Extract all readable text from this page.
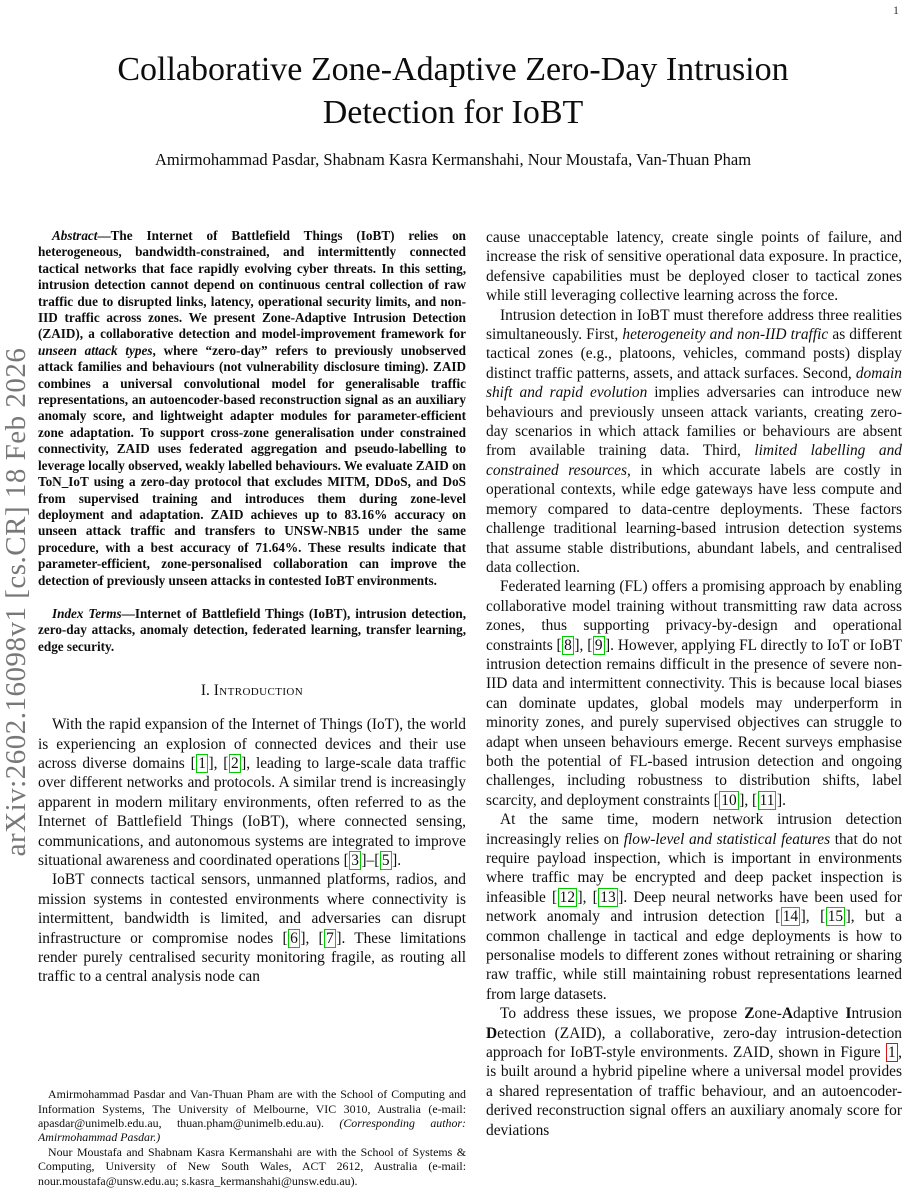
1
arXiv:2602.16098v1 [cs.CR] 18 Feb 2026
Collaborative Zone-Adaptive Zero-Day Intrusion
Detection for IoBT
Amirmohammad Pasdar, Shabnam Kasra Kermanshahi, Nour Moustafa, Van-Thuan Pham

Abstract—The Internet of Battlefield Things (IoBT) relies on heterogeneous, bandwidth-constrained, and intermittently connected tactical networks that face rapidly evolving cyber threats. In this setting, intrusion detection cannot depend on continuous central collection of raw traffic due to disrupted links, latency, operational security limits, and non-IID traffic across zones. We present Zone-Adaptive Intrusion Detection (ZAID), a collaborative detection and model-improvement framework for unseen attack types, where “zero-day” refers to previously unobserved attack families and behaviours (not vulnerability disclosure timing). ZAID combines a universal convolutional model for generalisable traffic representations, an autoencoder-based reconstruction signal as an auxiliary anomaly score, and lightweight adapter modules for parameter-efficient zone adaptation. To support cross-zone generalisation under constrained connectivity, ZAID uses federated aggregation and pseudo-labelling to leverage locally observed, weakly labelled behaviours. We evaluate ZAID on ToN_IoT using a zero-day protocol that excludes MITM, DDoS, and DoS from supervised training and introduces them during zone-level deployment and adaptation. ZAID achieves up to 83.16% accuracy on unseen attack traffic and transfers to UNSW-NB15 under the same procedure, with a best accuracy of 71.64%. These results indicate that parameter-efficient, zone-personalised collaboration can improve the detection of previously unseen attacks in contested IoBT environments.

Index Terms—Internet of Battlefield Things (IoBT), intrusion detection, zero-day attacks, anomaly detection, federated learning, transfer learning, edge security.

I. Introduction

With the rapid expansion of the Internet of Things (IoT), the world is experiencing an explosion of connected devices and their use across diverse domains [ 1 ], [ 2 ], leading to large-scale data traffic over different networks and protocols. A similar trend is increasingly apparent in modern military environments, often referred to as the Internet of Battlefield Things (IoBT), where connected sensing, communications, and autonomous systems are integrated to improve situational awareness and coordinated operations [ 3 ]–[ 5 ].

IoBT connects tactical sensors, unmanned platforms, radios, and mission systems in contested environments where connectivity is intermittent, bandwidth is limited, and adversaries can disrupt infrastructure or compromise nodes [ 6 ], [ 7 ]. These limitations render purely centralised security monitoring fragile, as routing all traffic to a central analysis node can

Amirmohammad Pasdar and Van-Thuan Pham are with the School of Computing and Information Systems, The University of Melbourne, VIC 3010, Australia (e-mail: apasdar@unimelb.edu.au, thuan.pham@unimelb.edu.au). (Corresponding author: Amirmohammad Pasdar.)

Nour Moustafa and Shabnam Kasra Kermanshahi are with the School of Systems & Computing, University of New South Wales, ACT 2612, Australia (e-mail: nour.moustafa@unsw.edu.au; s.kasra_kermanshahi@unsw.edu.au).

cause unacceptable latency, create single points of failure, and increase the risk of sensitive operational data exposure. In practice, defensive capabilities must be deployed closer to tactical zones while still leveraging collective learning across the force.

Intrusion detection in IoBT must therefore address three realities simultaneously. First, heterogeneity and non-IID traffic as different tactical zones (e.g., platoons, vehicles, command posts) display distinct traffic patterns, assets, and attack surfaces. Second, domain shift and rapid evolution implies adversaries can introduce new behaviours and previously unseen attack variants, creating zero-day scenarios in which attack families or behaviours are absent from available training data. Third, limited labelling and constrained resources, in which accurate labels are costly in operational contexts, while edge gateways have less compute and memory compared to data-centre deployments. These factors challenge traditional learning-based intrusion detection systems that assume stable distributions, abundant labels, and centralised data collection.

Federated learning (FL) offers a promising approach by enabling collaborative model training without transmitting raw data across zones, thus supporting privacy-by-design and operational constraints [ 8 ], [ 9 ]. However, applying FL directly to IoT or IoBT intrusion detection remains difficult in the presence of severe non-IID data and intermittent connectivity. This is because local biases can dominate updates, global models may underperform in minority zones, and purely supervised objectives can struggle to adapt when unseen behaviours emerge. Recent surveys emphasise both the potential of FL-based intrusion detection and ongoing challenges, including robustness to distribution shifts, label scarcity, and deployment constraints [ 10 ], [ 11 ].

At the same time, modern network intrusion detection increasingly relies on flow-level and statistical features that do not require payload inspection, which is important in environments where traffic may be encrypted and deep packet inspection is infeasible [ 12 ], [ 13 ]. Deep neural networks have been used for network anomaly and intrusion detection [ 14 ], [ 15 ], but a common challenge in tactical and edge deployments is how to personalise models to different zones without retraining or sharing raw traffic, while still maintaining robust representations learned from large datasets.

To address these issues, we propose Zone-Adaptive Intrusion Detection (ZAID), a collaborative, zero-day intrusion-detection approach for IoBT-style environments. ZAID, shown in Figure 1 , is built around a hybrid pipeline where a universal model provides a shared representation of traffic behaviour, and an autoencoder-derived reconstruction signal offers an auxiliary anomaly score for deviations
